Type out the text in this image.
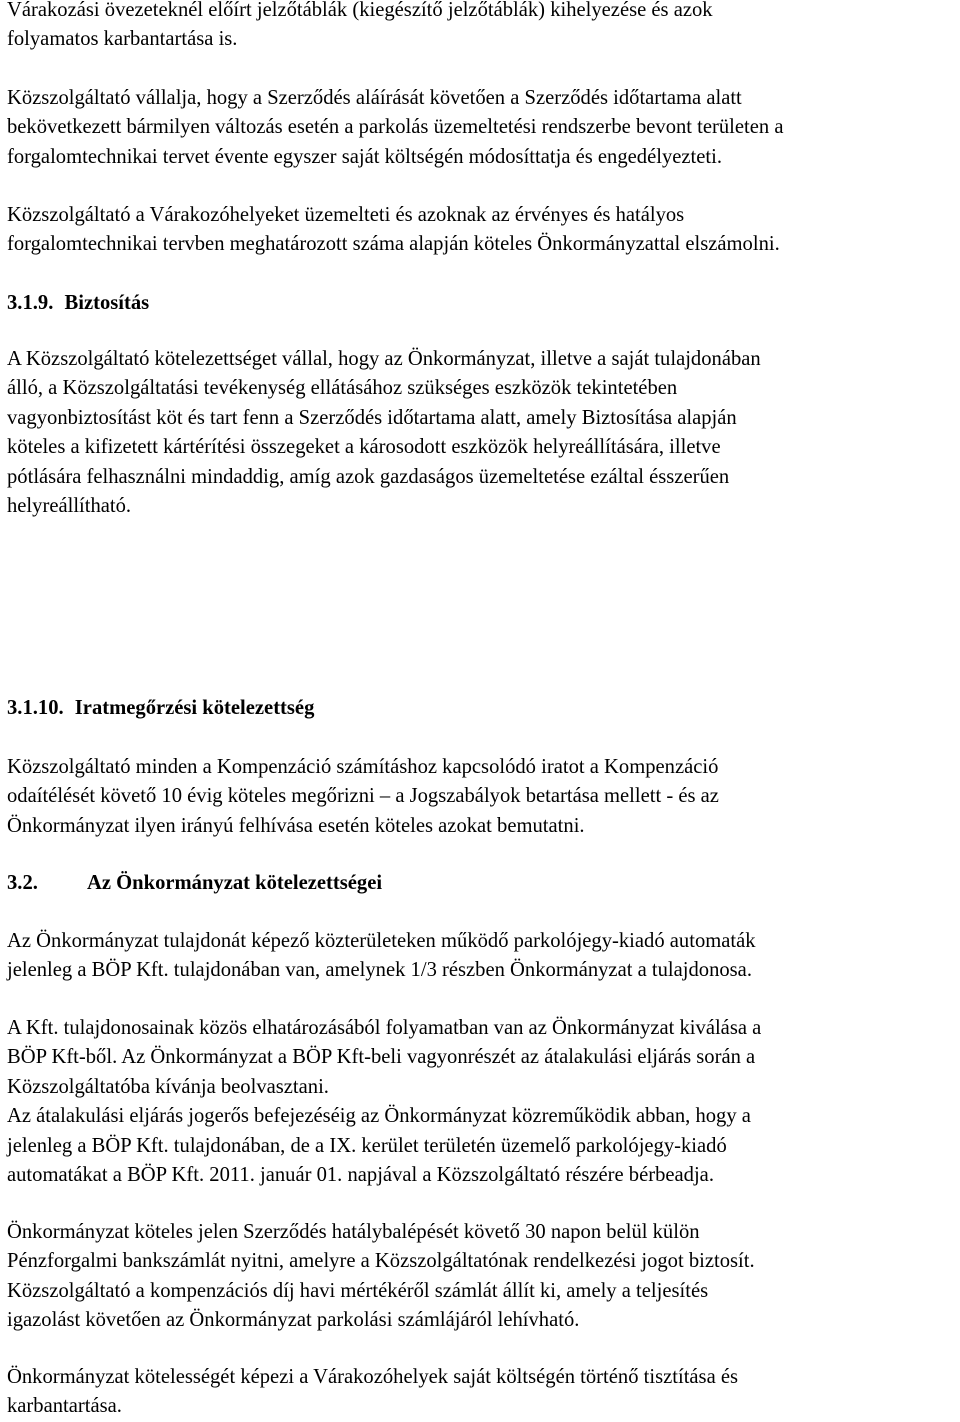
Várakozási övezeteknél előírt jelzőtáblák (kiegészítő jelzőtáblák) kihelyezése és azok
folyamatos karbantartása is.

Közszolgáltató vállalja, hogy a Szerződés aláírását követően a Szerződés időtartama alatt
bekövetkezett bármilyen változás esetén a parkolás üzemeltetési rendszerbe bevont területen a
forgalomtechnikai tervet évente egyszer saját költségén módosíttatja és engedélyezteti.

Közszolgáltató a Várakozóhelyeket üzemelteti és azoknak az érvényes és hatályos
forgalomtechnikai tervben meghatározott száma alapján köteles Önkormányzattal elszámolni.

3.1.9. Biztosítás

A Közszolgáltató kötelezettséget vállal, hogy az Önkormányzat, illetve a saját tulajdonában
álló, a Közszolgáltatási tevékenység ellátásához szükséges eszközök tekintetében
vagyonbiztosítást köt és tart fenn a Szerződés időtartama alatt, amely Biztosítása alapján
köteles a kifizetett kártérítési összegeket a károsodott eszközök helyreállítására, illetve
pótlására felhasználni mindaddig, amíg azok gazdaságos üzemeltetése ezáltal ésszerűen
helyreállítható.

3.1.10. Iratmegőrzési kötelezettség

Közszolgáltató minden a Kompenzáció számításhoz kapcsolódó iratot a Kompenzáció
odaítélését követő 10 évig köteles megőrizni – a Jogszabályok betartása mellett - és az
Önkormányzat ilyen irányú felhívása esetén köteles azokat bemutatni.

3.2. Az Önkormányzat kötelezettségei

Az Önkormányzat tulajdonát képező közterületeken működő parkolójegy-kiadó automaták
jelenleg a BÖP Kft. tulajdonában van, amelynek 1/3 részben Önkormányzat a tulajdonosa.

A Kft. tulajdonosainak közös elhatározásából folyamatban van az Önkormányzat kiválása a
BÖP Kft-ből. Az Önkormányzat a BÖP Kft-beli vagyonrészét az átalakulási eljárás során a
Közszolgáltatóba kívánja beolvasztani.
Az átalakulási eljárás jogerős befejezéséig az Önkormányzat közreműködik abban, hogy a
jelenleg a BÖP Kft. tulajdonában, de a IX. kerület területén üzemelő parkolójegy-kiadó
automatákat a BÖP Kft. 2011. január 01. napjával a Közszolgáltató részére bérbeadja.

Önkormányzat köteles jelen Szerződés hatálybalépését követő 30 napon belül külön
Pénzforgalmi bankszámlát nyitni, amelyre a Közszolgáltatónak rendelkezési jogot biztosít.
Közszolgáltató a kompenzációs díj havi mértékéről számlát állít ki, amely a teljesítés
igazolást követően az Önkormányzat parkolási számlájáról lehívható.

Önkormányzat kötelességét képezi a Várakozóhelyek saját költségén történő tisztítása és
karbantartása.
